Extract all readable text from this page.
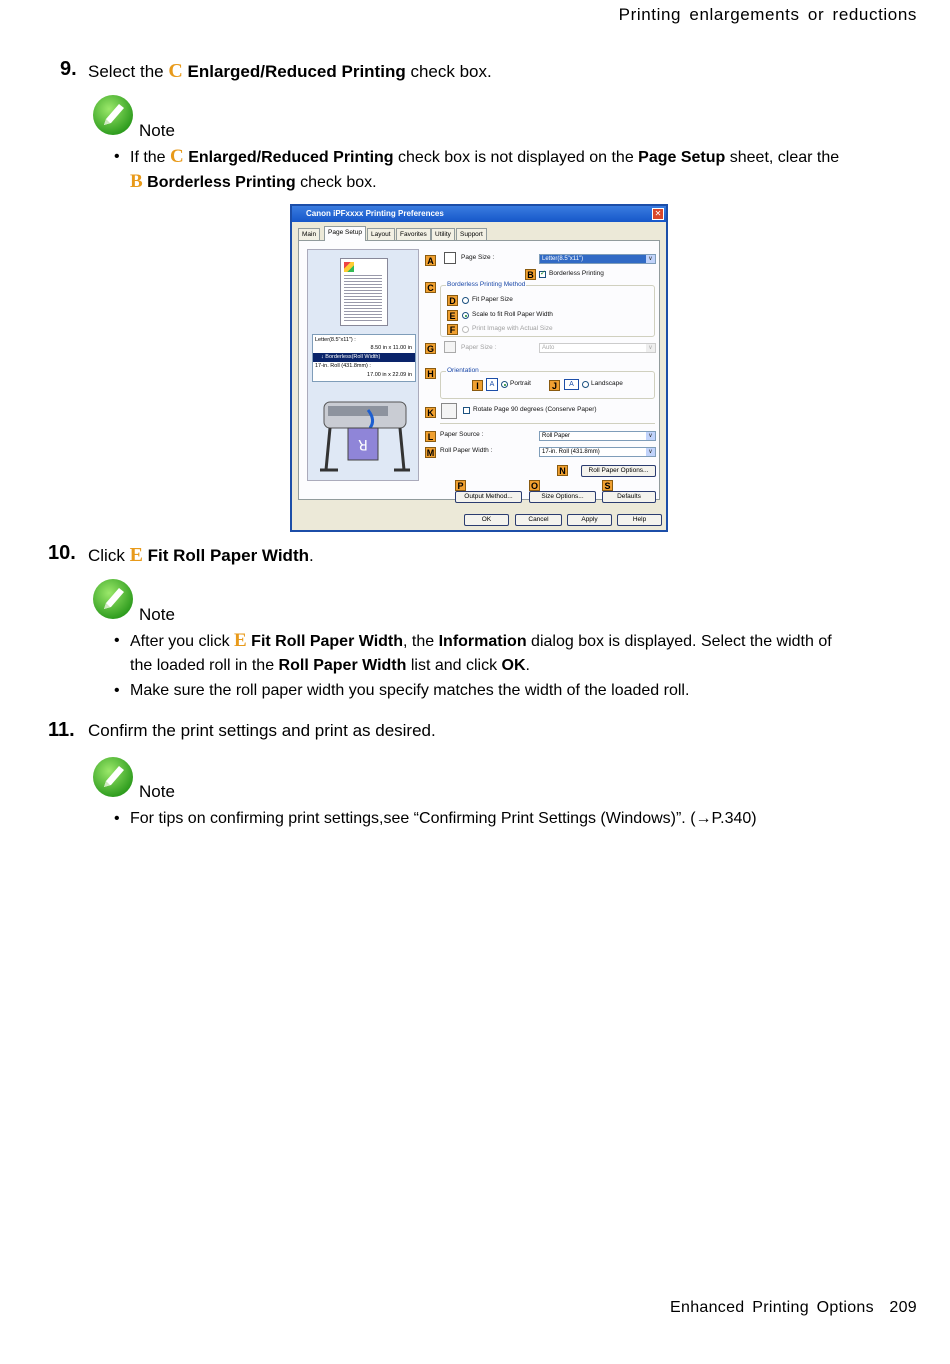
Printing enlargements or reductions
9. Select the C Enlarged/Reduced Printing check box.
Note
• If the C Enlarged/Reduced Printing check box is not displayed on the Page Setup sheet, clear the
B Borderless Printing check box.
Canon iPFxxxx Printing Preferences	✕
Main	Page Setup	Layout	Favorites	Utility	Support
Letter(8.5"x11") :
8.50 in x 11.00 in
↓ Borderless(Roll Width)
17-in. Roll (431.8mm) :
17.00 in x 22.09 in
R
A	Page Size :	Letter(8.5"x11")	∨
B ✓ Borderless Printing
C	Borderless Printing Method
D	Fit Paper Size
E	Scale to fit Roll Paper Width
F	Print Image with Actual Size
G	Paper Size :	Auto	∨
H	Orientation
I	A	Portrait	J	A	Landscape
K	Rotate Page 90 degrees (Conserve Paper)
L	Paper Source :	Roll Paper	∨
M Roll Paper Width :	17-in. Roll (431.8mm)	∨
N	Roll Paper Options...
P	O	S
Output Method...	Size Options...	Defaults
OK	Cancel	Apply	Help
10. Click E Fit Roll Paper Width.
Note
• After you click E Fit Roll Paper Width, the Information dialog box is displayed. Select the width of
the loaded roll in the Roll Paper Width list and click OK.
• Make sure the roll paper width you specify matches the width of the loaded roll.
11. Confirm the print settings and print as desired.
Note
• For tips on confirming print settings,see “Confirming Print Settings (Windows)”. (→P.340)
Enhanced Printing Options 209
